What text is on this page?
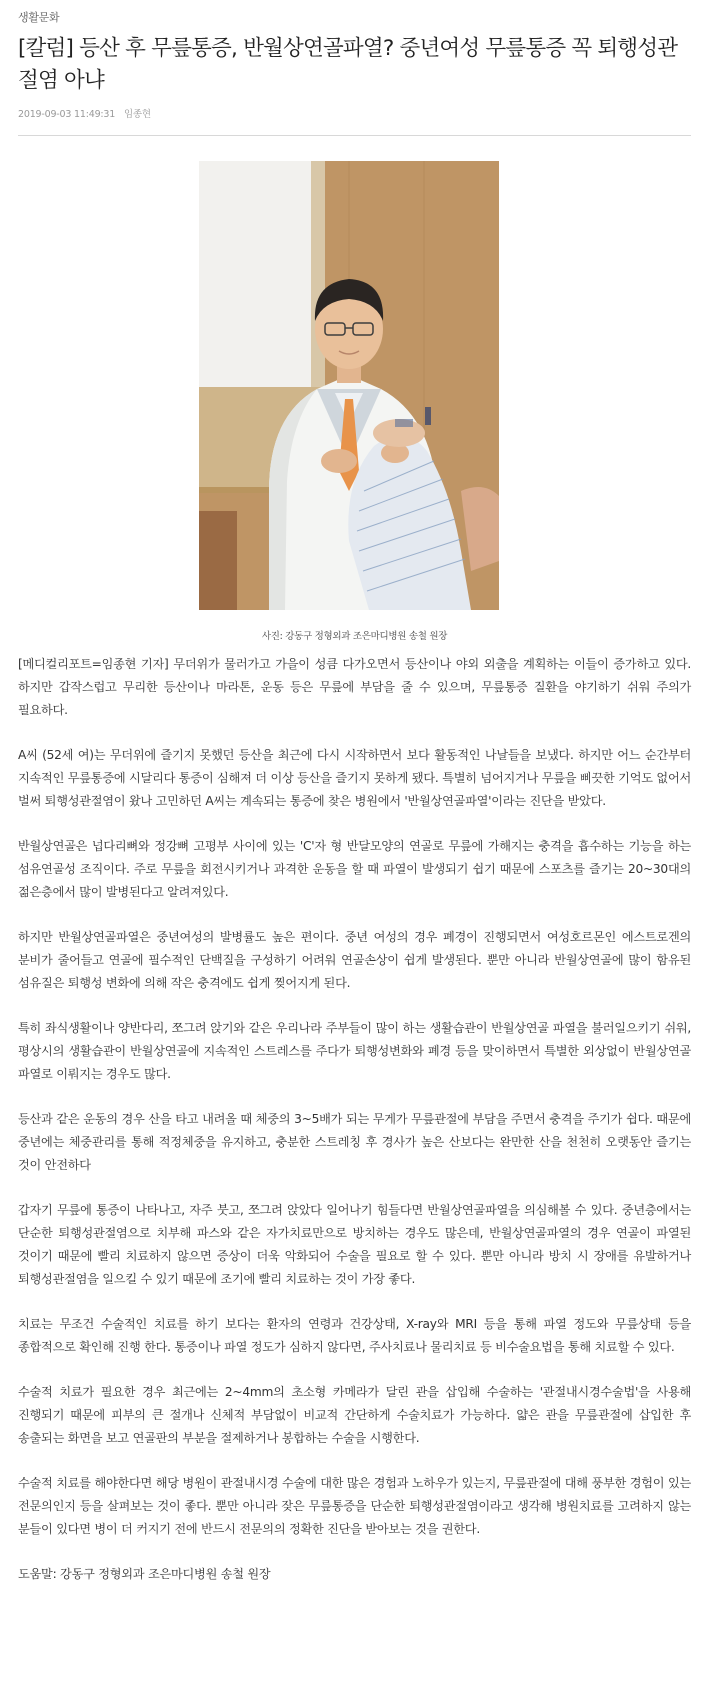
생활문화
[칼럼] 등산 후 무릎통증, 반월상연골파열? 중년여성 무릎통증 꼭 퇴행성관절염 아냐
2019-09-03 11:49:31 임종현
사진: 강동구 정형외과 조은마디병원 송철 원장

[메디컬리포트=임종현 기자] 무더위가 물러가고 가을이 성큼 다가오면서 등산이나 야외 외출을 계획하는 이들이 증가하고 있다. 하지만 갑작스럽고 무리한 등산이나 마라톤, 운동 등은 무릎에 부담을 줄 수 있으며, 무릎통증 질환을 야기하기 쉬워 주의가 필요하다.

A씨 (52세 여)는 무더위에 즐기지 못했던 등산을 최근에 다시 시작하면서 보다 활동적인 나날들을 보냈다. 하지만 어느 순간부터 지속적인 무릎통증에 시달리다 통증이 심해져 더 이상 등산을 즐기지 못하게 됐다. 특별히 넘어지거나 무릎을 삐끗한 기억도 없어서 벌써 퇴행성관절염이 왔나 고민하던 A씨는 계속되는 통증에 찾은 병원에서 '반월상연골파열'이라는 진단을 받았다.

반월상연골은 넙다리뼈와 정강뼈 고평부 사이에 있는 'C'자 형 반달모양의 연골로 무릎에 가해지는 충격을 흡수하는 기능을 하는 섬유연골성 조직이다. 주로 무릎을 회전시키거나 과격한 운동을 할 때 파열이 발생되기 쉽기 때문에 스포츠를 즐기는 20~30대의 젊은층에서 많이 발병된다고 알려져있다.

하지만 반월상연골파열은 중년여성의 발병률도 높은 편이다. 중년 여성의 경우 폐경이 진행되면서 여성호르몬인 에스트로겐의 분비가 줄어들고 연골에 필수적인 단백질을 구성하기 어려워 연골손상이 쉽게 발생된다. 뿐만 아니라 반월상연골에 많이 함유된 섬유질은 퇴행성 변화에 의해 작은 충격에도 쉽게 찢어지게 된다.

특히 좌식생활이나 양반다리, 쪼그려 앉기와 같은 우리나라 주부들이 많이 하는 생활습관이 반월상연골 파열을 불러일으키기 쉬워, 평상시의 생활습관이 반월상연골에 지속적인 스트레스를 주다가 퇴행성변화와 폐경 등을 맞이하면서 특별한 외상없이 반월상연골 파열로 이뤄지는 경우도 많다.

등산과 같은 운동의 경우 산을 타고 내려올 때 체중의 3~5배가 되는 무게가 무릎관절에 부담을 주면서 충격을 주기가 쉽다. 때문에 중년에는 체중관리를 통해 적정체중을 유지하고, 충분한 스트레칭 후 경사가 높은 산보다는 완만한 산을 천천히 오랫동안 즐기는 것이 안전하다

갑자기 무릎에 통증이 나타나고, 자주 붓고, 쪼그려 앉았다 일어나기 힘들다면 반월상연골파열을 의심해볼 수 있다. 중년층에서는 단순한 퇴행성관절염으로 치부해 파스와 같은 자가치료만으로 방치하는 경우도 많은데, 반월상연골파열의 경우 연골이 파열된 것이기 때문에 빨리 치료하지 않으면 증상이 더욱 악화되어 수술을 필요로 할 수 있다. 뿐만 아니라 방치 시 장애를 유발하거나 퇴행성관절염을 일으킬 수 있기 때문에 조기에 빨리 치료하는 것이 가장 좋다.

치료는 무조건 수술적인 치료를 하기 보다는 환자의 연령과 건강상태, X-ray와 MRI 등을 통해 파열 정도와 무릎상태 등을 종합적으로 확인해 진행 한다. 통증이나 파열 정도가 심하지 않다면, 주사치료나 물리치료 등 비수술요법을 통해 치료할 수 있다.

수술적 치료가 필요한 경우 최근에는 2~4mm의 초소형 카메라가 달린 관을 삽입해 수술하는 '관절내시경수술법'을 사용해 진행되기 때문에 피부의 큰 절개나 신체적 부담없이 비교적 간단하게 수술치료가 가능하다. 얇은 관을 무릎관절에 삽입한 후 송출되는 화면을 보고 연골판의 부분을 절제하거나 봉합하는 수술을 시행한다.

수술적 치료를 해야한다면 해당 병원이 관절내시경 수술에 대한 많은 경험과 노하우가 있는지, 무릎관절에 대해 풍부한 경험이 있는 전문의인지 등을 살펴보는 것이 좋다. 뿐만 아니라 잦은 무릎통증을 단순한 퇴행성관절염이라고 생각해 병원치료를 고려하지 않는 분들이 있다면 병이 더 커지기 전에 반드시 전문의의 정확한 진단을 받아보는 것을 권한다.

도움말: 강동구 정형외과 조은마디병원 송철 원장
